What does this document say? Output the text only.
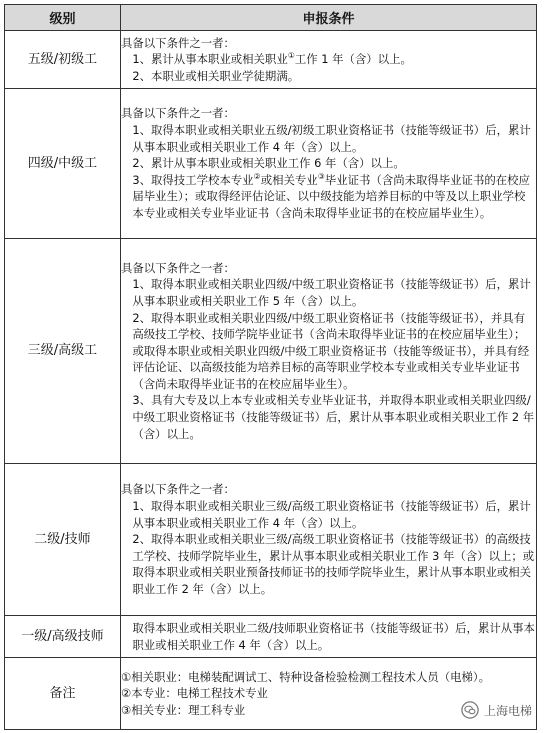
级别	申报条件
五级/初级工	具备以下条件之一者：

1、累计从事本职业或相关职业①工作 1 年（含）以上。

2、本职业或相关职业学徒期满。

四级/中级工	具备以下条件之一者：

1、取得本职业或相关职业五级/初级工职业资格证书（技能等级证书）后，累计从事本职业或相关职业工作 4 年（含）以上。

2、累计从事本职业或相关职业工作 6 年（含）以上。

3、取得技工学校本专业②或相关专业③毕业证书（含尚未取得毕业证书的在校应届毕业生）；或取得经评估论证、以中级技能为培养目标的中等及以上职业学校本专业或相关专业毕业证书（含尚未取得毕业证书的在校应届毕业生）。

三级/高级工	具备以下条件之一者：

1、取得本职业或相关职业四级/中级工职业资格证书（技能等级证书）后，累计从事本职业或相关职业工作 5 年（含）以上。

2、取得本职业或相关职业四级/中级工职业资格证书（技能等级证书），并具有高级技工学校、技师学院毕业证书（含尚未取得毕业证书的在校应届毕业生）；或取得本职业或相关职业四级/中级工职业资格证书（技能等级证书），并具有经评估论证、以高级技能为培养目标的高等职业学校本专业或相关专业毕业证书（含尚未取得毕业证书的在校应届毕业生）。

3、具有大专及以上本专业或相关专业毕业证书，并取得本职业或相关职业四级/中级工职业资格证书（技能等级证书）后，累计从事本职业或相关职业工作 2 年（含）以上。

二级/技师	具备以下条件之一者：

1、取得本职业或相关职业三级/高级工职业资格证书（技能等级证书）后，累计从事本职业或相关职业工作 4 年（含）以上。

2、取得本职业或相关职业三级/高级工职业资格证书（技能等级证书）的高级技工学校、技师学院毕业生，累计从事本职业或相关职业工作 3 年（含）以上；或取得本职业或相关职业预备技师证书的技师学院毕业生，累计从事本职业或相关职业工作 2 年（含）以上。

一级/高级技师	取得本职业或相关职业二级/技师职业资格证书（技能等级证书）后，累计从事本职业或相关职业工作 4 年（含）以上。

备注	①相关职业：电梯装配调试工、特种设备检验检测工程技术人员（电梯）。

②本专业：电梯工程技术专业

③相关专业：理工科专业	上海电梯
